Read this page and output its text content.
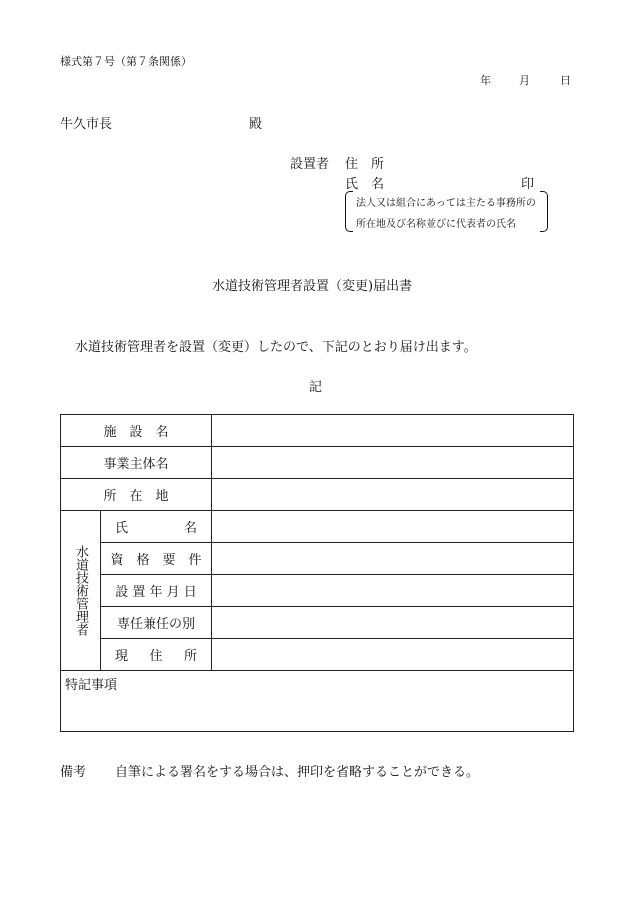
様式第７号（第７条関係）
年	月	日
牛久市長	殿
設置者 住　所
氏　名	印
法人又は組合にあっては主たる事務所の
所在地及び名称並びに代表者の氏名
水道技術管理者設置（変更)届出書
水道技術管理者を設置（変更）したので、下記のとおり届け出ます。
記
施　設　名		
事業主体名		
所　在　地		
水道技術管理者	氏 名	

	資　格　要　件	
	設 置 年 月 日	
	専任兼任の別	

	現 住 所	

特記事項		
備考 自筆による署名をする場合は、押印を省略することができる。
